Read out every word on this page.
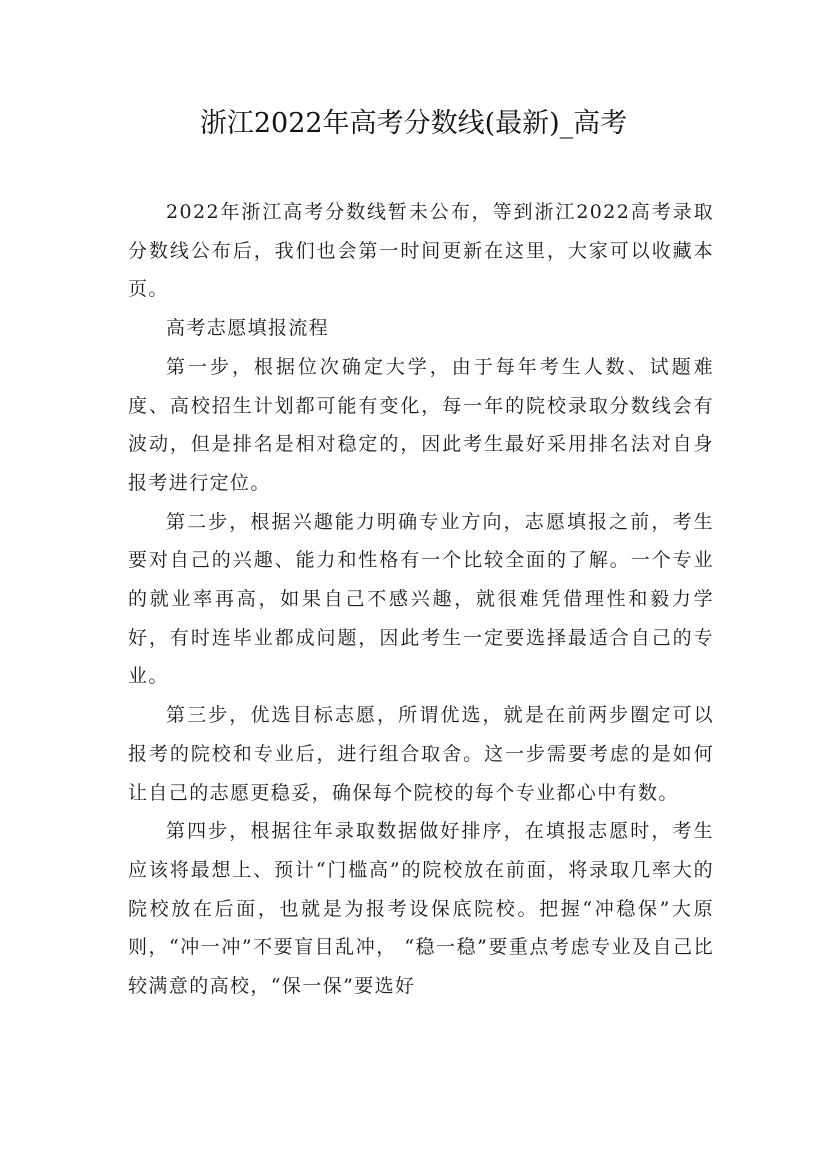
浙江2022年高考分数线(最新)_高考

2022年浙江高考分数线暂未公布，等到浙江2022高考录取分数线公布后，我们也会第一时间更新在这里，大家可以收藏本页。

高考志愿填报流程

第一步，根据位次确定大学，由于每年考生人数、试题难度、高校招生计划都可能有变化，每一年的院校录取分数线会有波动，但是排名是相对稳定的，因此考生最好采用排名法对自身报考进行定位。

第二步，根据兴趣能力明确专业方向，志愿填报之前，考生要对自己的兴趣、能力和性格有一个比较全面的了解。一个专业的就业率再高，如果自己不感兴趣，就很难凭借理性和毅力学好，有时连毕业都成问题，因此考生一定要选择最适合自己的专业。

第三步，优选目标志愿，所谓优选，就是在前两步圈定可以报考的院校和专业后，进行组合取舍。这一步需要考虑的是如何让自己的志愿更稳妥，确保每个院校的每个专业都心中有数。

第四步，根据往年录取数据做好排序，在填报志愿时，考生应该将最想上、预计“门槛高”的院校放在前面，将录取几率大的院校放在后面，也就是为报考设保底院校。把握“冲稳保”大原则，“冲一冲”不要盲目乱冲， “稳一稳”要重点考虑专业及自己比较满意的高校，“保一保”要选好
